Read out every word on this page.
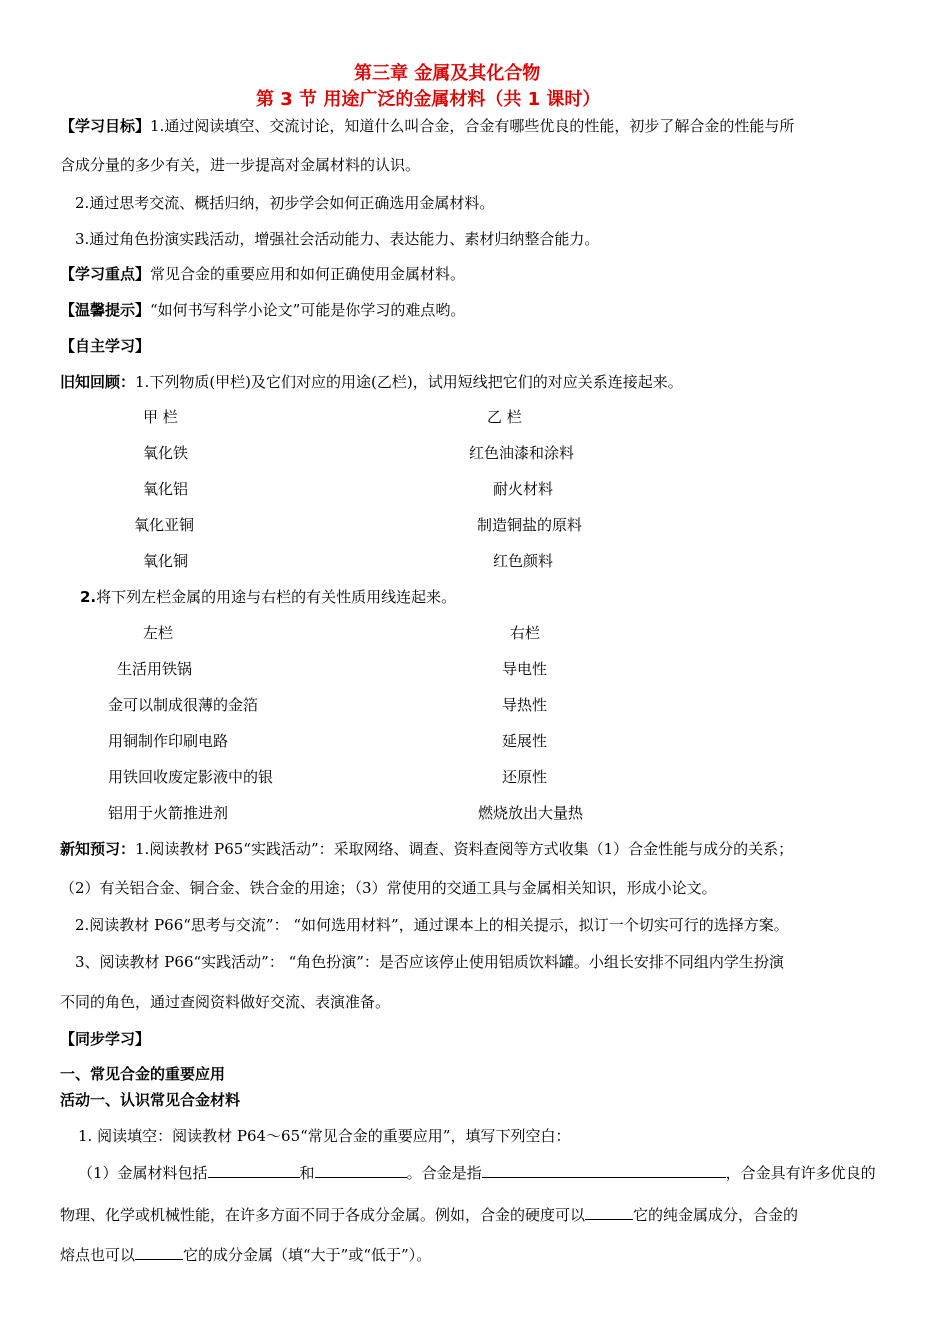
第三章 金属及其化合物
第 3 节 用途广泛的金属材料（共 1 课时）
【学习目标】1.通过阅读填空、交流讨论，知道什么叫合金，合金有哪些优良的性能，初步了解合金的性能与所
含成分量的多少有关，进一步提高对金属材料的认识。
2.通过思考交流、概括归纳，初步学会如何正确选用金属材料。
3.通过角色扮演实践活动，增强社会活动能力、表达能力、素材归纳整合能力。
【学习重点】常见合金的重要应用和如何正确使用金属材料。
【温馨提示】“如何书写科学小论文”可能是你学习的难点哟。
【自主学习】
旧知回顾：1.下列物质(甲栏)及它们对应的用途(乙栏)，试用短线把它们的对应关系连接起来。
甲 栏	乙 栏
氧化铁	红色油漆和涂料
氧化铝	耐火材料
氧化亚铜	制造铜盐的原料
氧化铜	红色颜料
2.将下列左栏金属的用途与右栏的有关性质用线连起来。
左栏	右栏
生活用铁锅	导电性
金可以制成很薄的金箔	导热性
用铜制作印刷电路	延展性
用铁回收废定影液中的银	还原性
铝用于火箭推进剂	燃烧放出大量热
新知预习：1.阅读教材 P65“实践活动”：采取网络、调查、资料查阅等方式收集（1）合金性能与成分的关系；
（2）有关铝合金、铜合金、铁合金的用途；（3）常使用的交通工具与金属相关知识，形成小论文。
2.阅读教材 P66“思考与交流”： “如何选用材料”，通过课本上的相关提示，拟订一个切实可行的选择方案。
3、阅读教材 P66“实践活动”： “角色扮演”：是否应该停止使用铝质饮料罐。小组长安排不同组内学生扮演
不同的角色，通过查阅资料做好交流、表演准备。
【同步学习】
一、常见合金的重要应用
活动一、认识常见合金材料
1. 阅读填空：阅读教材 P64～65“常见合金的重要应用”，填写下列空白：
（1）金属材料包括	和	。合金是指	，合金具有许多优良的
物理、化学或机械性能，在许多方面不同于各成分金属。例如，合金的硬度可以	它的纯金属成分，合金的
熔点也可以	它的成分金属（填“大于”或“低于”）。
